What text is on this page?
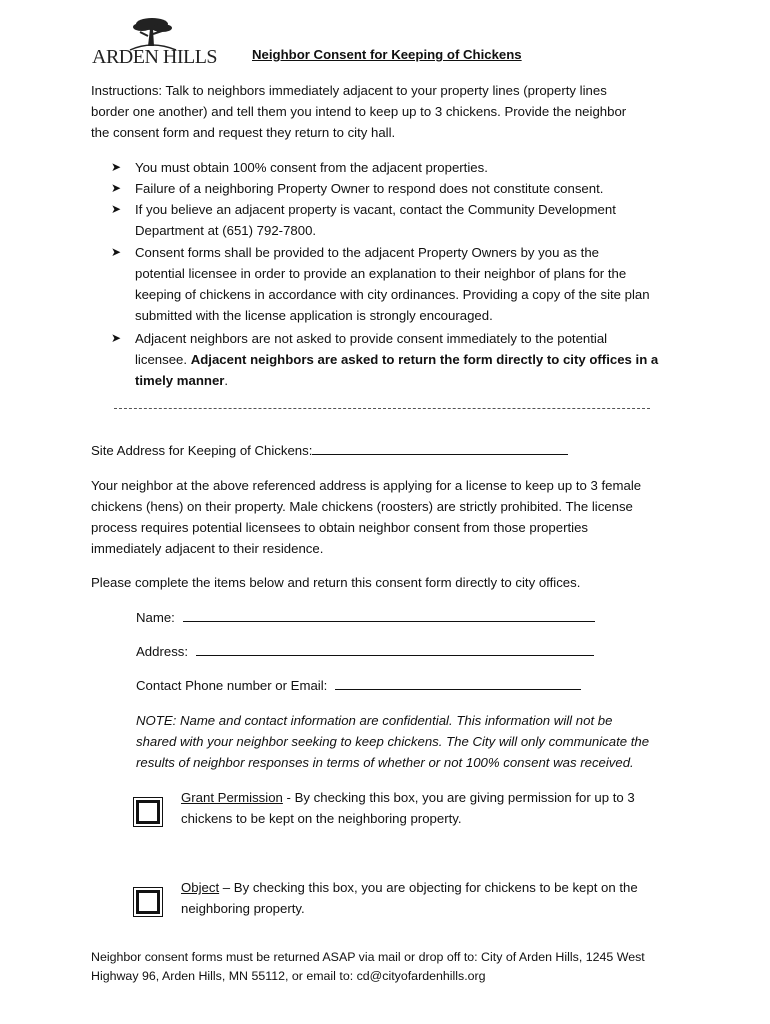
ARDEN HILLS	Neighbor Consent for Keeping of Chickens
Instructions: Talk to neighbors immediately adjacent to your property lines (property lines
border one another) and tell them you intend to keep up to 3 chickens. Provide the neighbor
the consent form and request they return to city hall.
➤ You must obtain 100% consent from the adjacent properties.
➤ Failure of a neighboring Property Owner to respond does not constitute consent.
➤ If you believe an adjacent property is vacant, contact the Community Development
Department at (651) 792-7800.
➤ Consent forms shall be provided to the adjacent Property Owners by you as the
potential licensee in order to provide an explanation to their neighbor of plans for the
keeping of chickens in accordance with city ordinances. Providing a copy of the site plan
submitted with the license application is strongly encouraged.
➤ Adjacent neighbors are not asked to provide consent immediately to the potential
licensee. Adjacent neighbors are asked to return the form directly to city offices in a
timely manner.
Site Address for Keeping of Chickens:
Your neighbor at the above referenced address is applying for a license to keep up to 3 female
chickens (hens) on their property. Male chickens (roosters) are strictly prohibited. The license
process requires potential licensees to obtain neighbor consent from those properties
immediately adjacent to their residence.
Please complete the items below and return this consent form directly to city offices.
Name:
Address:
Contact Phone number or Email:
NOTE: Name and contact information are confidential. This information will not be
shared with your neighbor seeking to keep chickens. The City will only communicate the
results of neighbor responses in terms of whether or not 100% consent was received.
Grant Permission - By checking this box, you are giving permission for up to 3
chickens to be kept on the neighboring property.
Object – By checking this box, you are objecting for chickens to be kept on the
neighboring property.
Neighbor consent forms must be returned ASAP via mail or drop off to: City of Arden Hills, 1245 West
Highway 96, Arden Hills, MN 55112, or email to: cd@cityofardenhills.org
